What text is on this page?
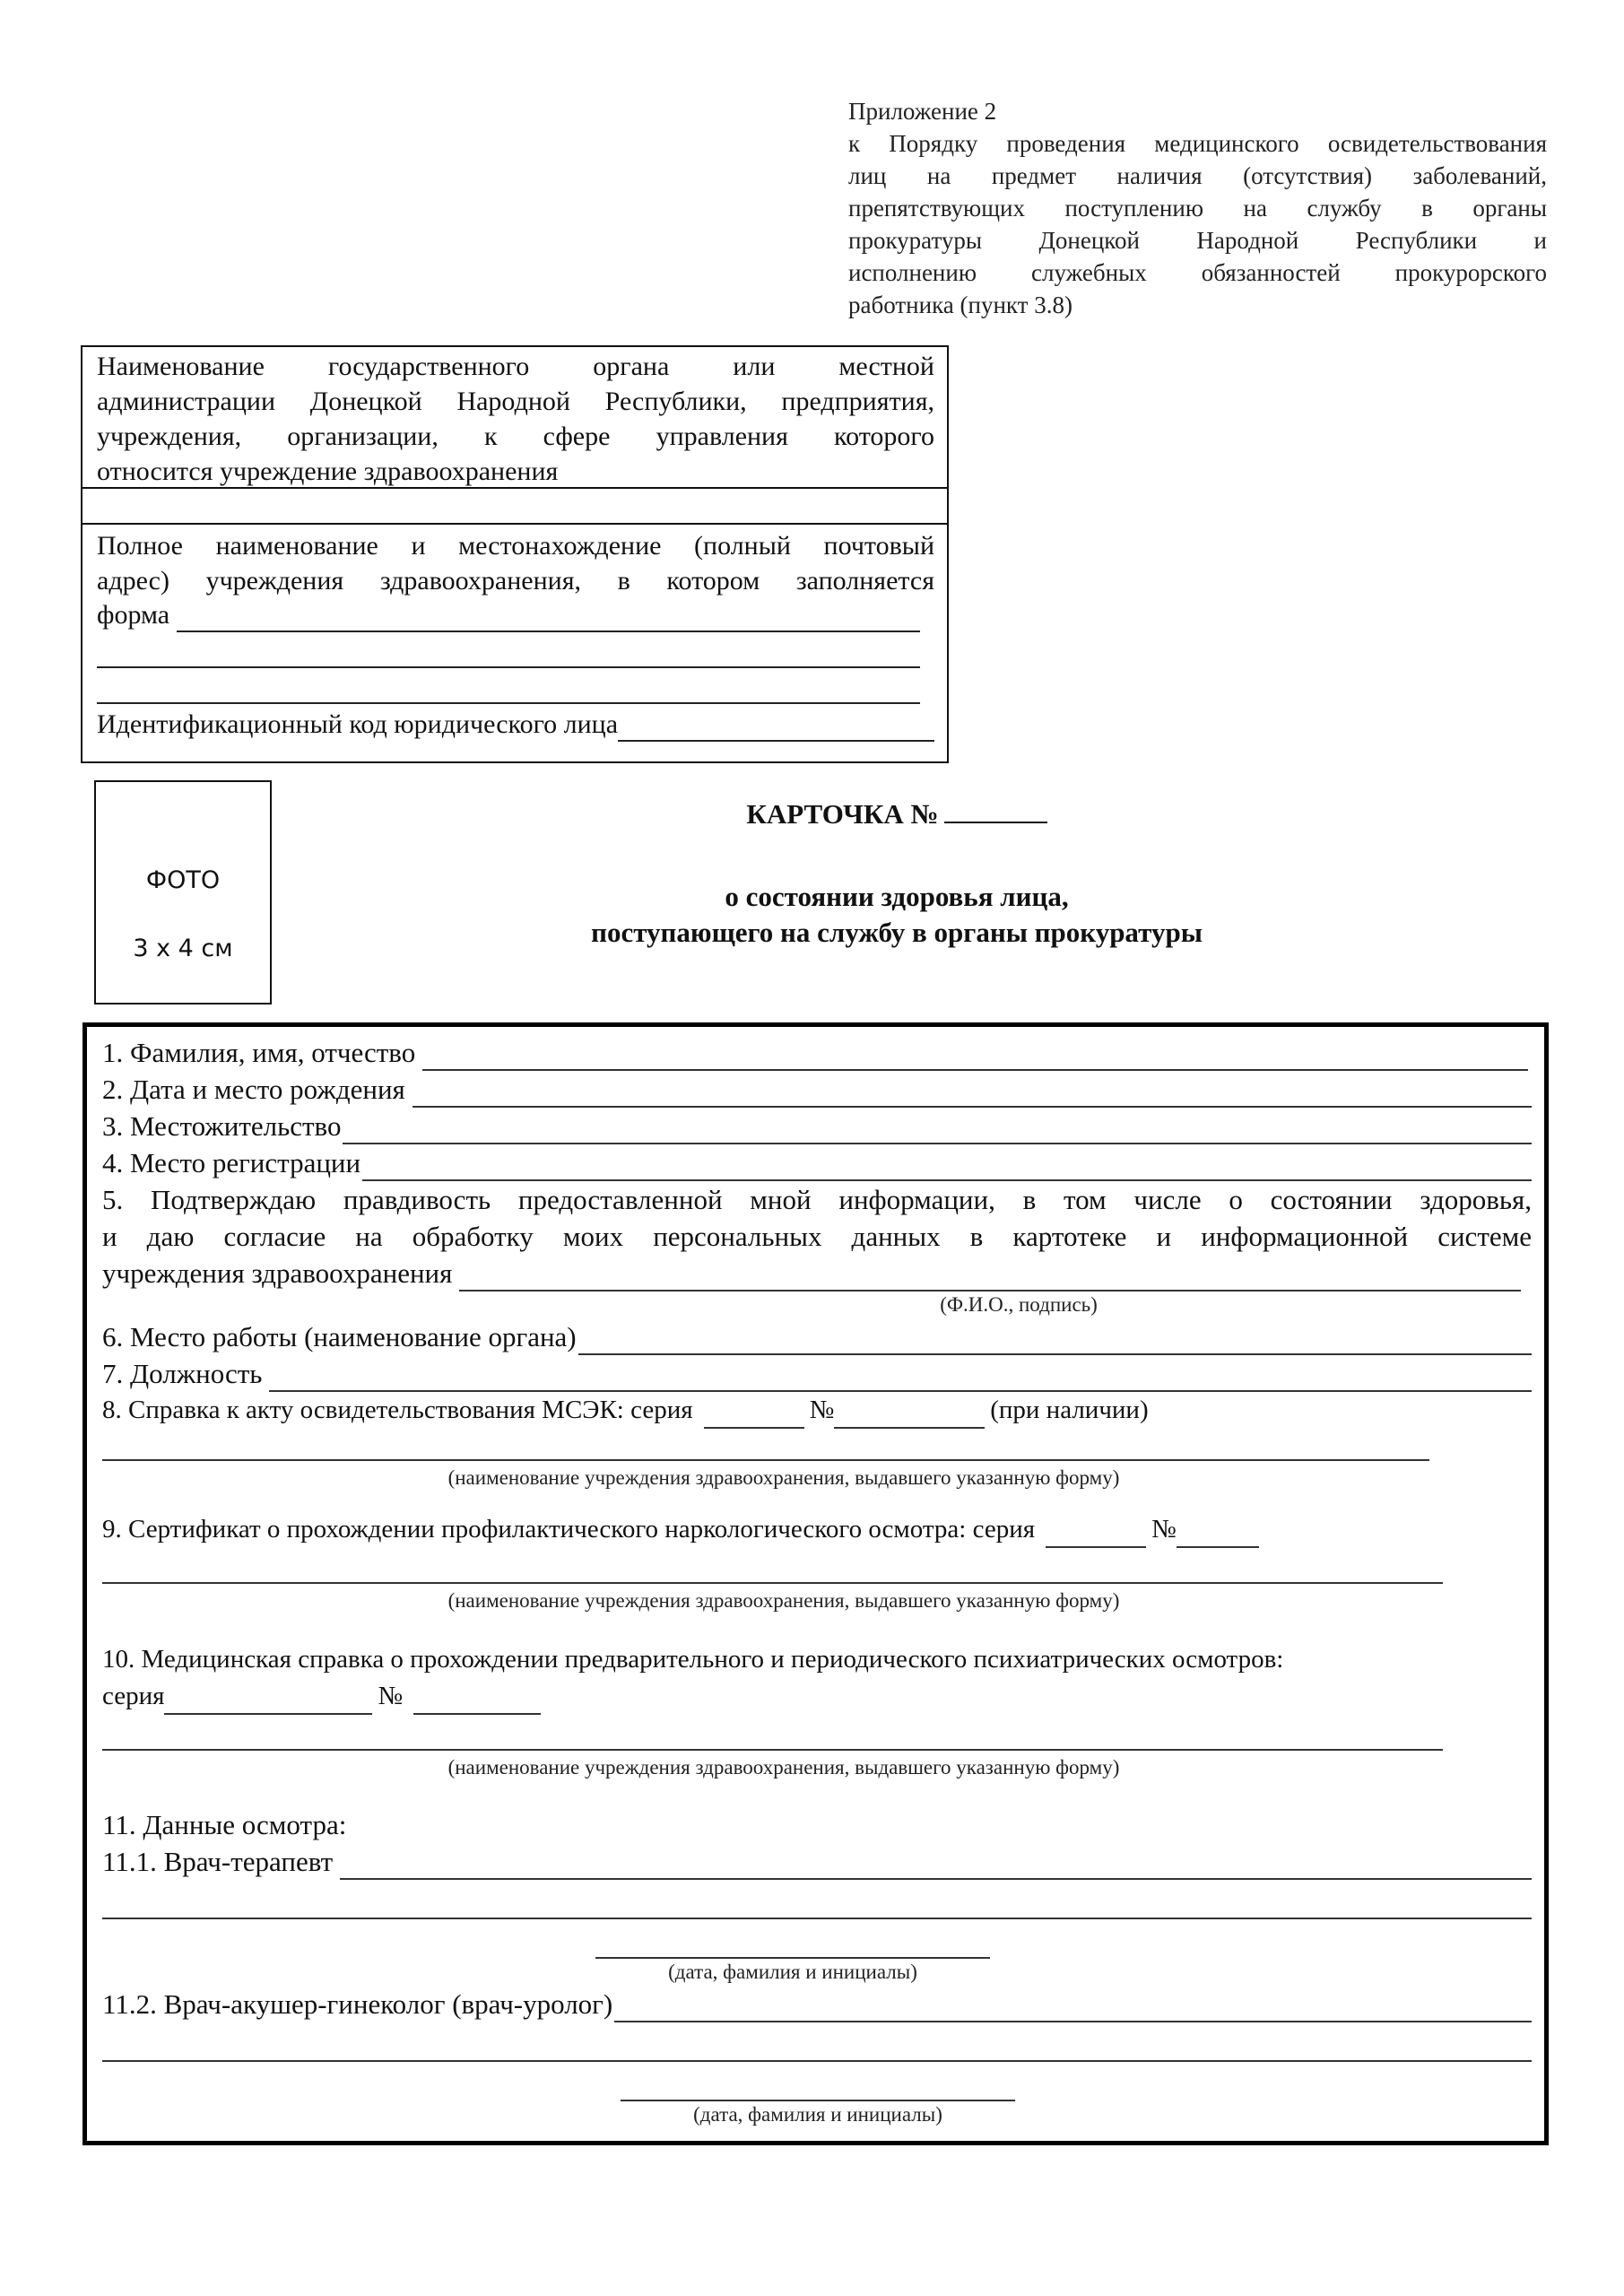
Приложение 2
к Порядку проведения медицинского освидетельствования
лиц на предмет наличия (отсутствия) заболеваний,
препятствующих поступлению на службу в органы
прокуратуры Донецкой Народной Республики и
исполнению служебных обязанностей прокурорского
работника (пункт 3.8)
Наименование государственного органа или местной
администрации Донецкой Народной Республики, предприятия,
учреждения, организации, к сфере управления которого
относится учреждение здравоохранения
Полное наименование и местонахождение (полный почтовый
адрес) учреждения здравоохранения, в котором заполняется
форма
Идентификационный код юридического лица
ФОТО
3 x 4 см
КАРТОЧКА №
о состоянии здоровья лица,
поступающего на службу в органы прокуратуры
1. Фамилия, имя, отчество
2. Дата и место рождения
3. Местожительство
4. Место регистрации
5. Подтверждаю правдивость предоставленной мной информации, в том числе о состоянии здоровья,
и даю согласие на обработку моих персональных данных в картотеке и информационной системе
учреждения здравоохранения
(Ф.И.О., подпись)
6. Место работы (наименование органа)
7. Должность
8. Справка к акту освидетельствования МСЭК: серия	№	(при наличии)
(наименование учреждения здравоохранения, выдавшего указанную форму)
9. Сертификат о прохождении профилактического наркологического осмотра: серия	№
(наименование учреждения здравоохранения, выдавшего указанную форму)
10. Медицинская справка о прохождении предварительного и периодического психиатрических осмотров:
серия	№
(наименование учреждения здравоохранения, выдавшего указанную форму)
11. Данные осмотра:
11.1. Врач-терапевт
(дата, фамилия и инициалы)
11.2. Врач-акушер-гинеколог (врач-уролог)
(дата, фамилия и инициалы)
